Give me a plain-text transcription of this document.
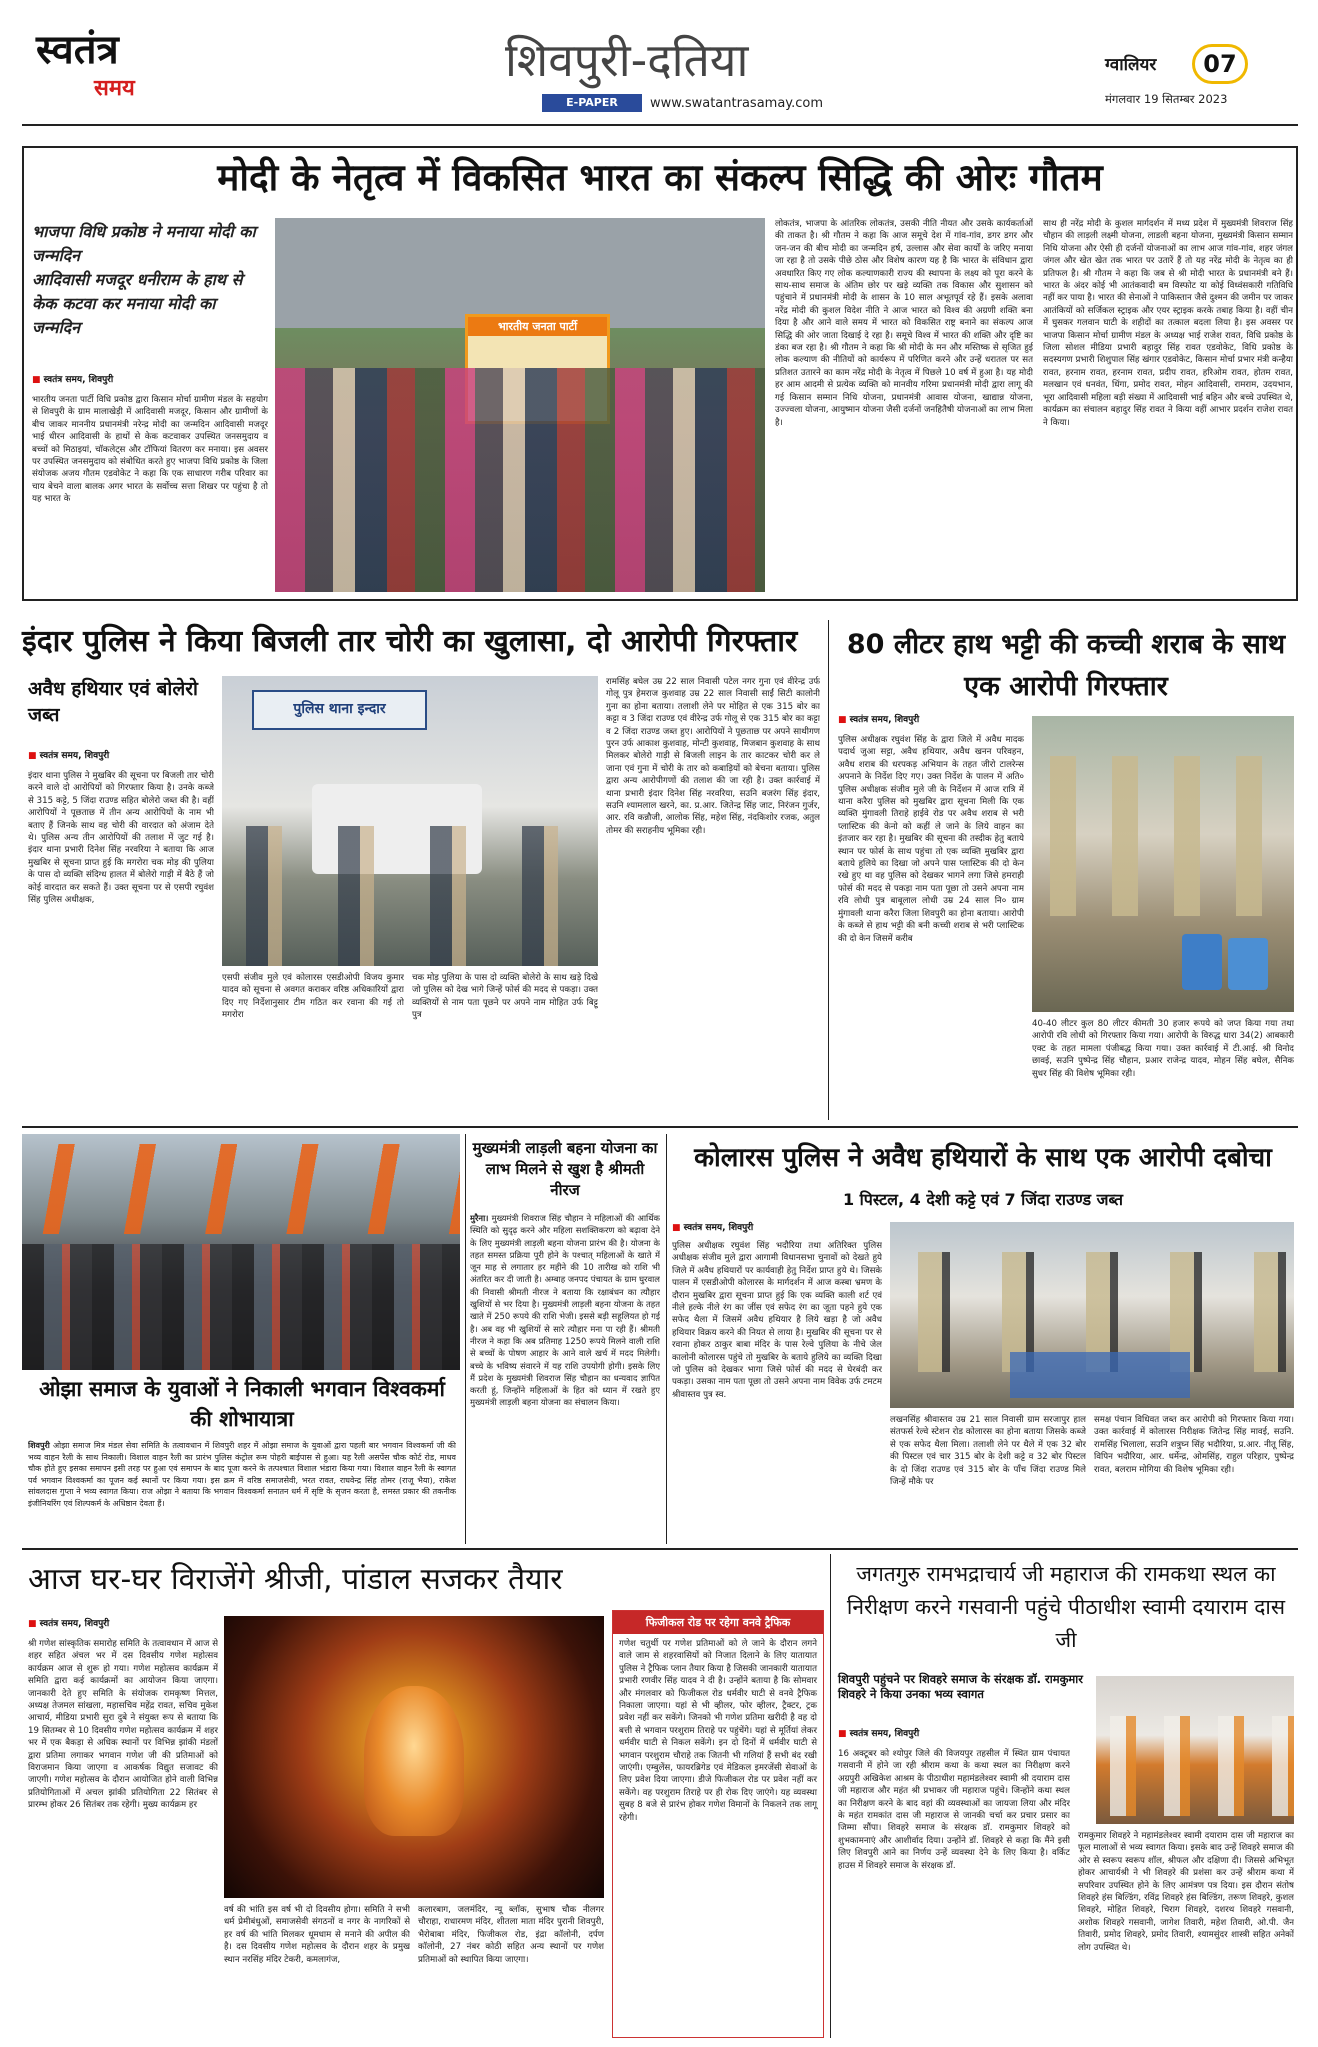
स्वतंत्र
समय
शिवपुरी-दतिया
E-PAPER	www.swatantrasamay.com
ग्वालियर	07
मंगलवार 19 सितम्बर 2023
मोदी के नेतृत्व में विकसित भारत का संकल्प सिद्धि की ओरः गौतम
भाजपा विधि प्रकोष्ठ ने मनाया मोदी का जन्मदिन
आदिवासी मजदूर धनीराम के हाथ से केक कटवा कर मनाया मोदी का जन्मदिन
■ स्वतंत्र समय, शिवपुरी
भारतीय जनता पार्टी विधि प्रकोष्ठ द्वारा किसान मोर्चा ग्रामीण मंडल के सहयोग से शिवपुरी के ग्राम मालाखेड़ी में आदिवासी मजदूर, किसान और ग्रामीणों के बीच जाकर माननीय प्रधानमंत्री नरेन्द्र मोदी का जन्मदिन आदिवासी मजदूर भाई धीरन आदिवासी के हाथों से केक कटवाकर उपस्थित जनसमुदाय व बच्चों को मिठाइयां, चॉकलेट्स और टॉफियां वितरण कर मनाया। इस अवसर पर उपस्थित जनसमुदाय को संबोधित करते हुए भाजपा विधि प्रकोष्ठ के जिला संयोजक अजय गौतम एडवोकेट ने कहा कि एक साधारण गरीब परिवार का चाय बेचने वाला बालक अगर भारत के सर्वोच्च सत्ता शिखर पर पहुंचा है तो यह भारत के
भारतीय जनता पार्टी
लोकतंत्र, भाजपा के आंतरिक लोकतंत्र, उसकी नीति नीयत और उसके कार्यकर्ताओं की ताकत है। श्री गौतम ने कहा कि आज समूचे देश में गांव-गांव, डगर डगर और जन-जन की बीच मोदी का जन्मदिन हर्ष, उल्लास और सेवा कार्यों के जरिए मनाया जा रहा है तो उसके पीछे ठोस और विशेष कारण यह है कि भारत के संविधान द्वारा अवधारित किए गए लोक कल्याणकारी राज्य की स्थापना के लक्ष्य को पूरा करने के साथ-साथ समाज के अंतिम छोर पर खड़े व्यक्ति तक विकास और सुशासन को पहुंचाने में प्रधानमंत्री मोदी के शासन के 10 साल अभूतपूर्व रहे हैं। इसके अलावा नरेंद्र मोदी की कुशल विदेश नीति ने आज भारत को विश्व की अग्रणी शक्ति बना दिया है और आने वाले समय में भारत को विकसित राष्ट्र बनाने का संकल्प आज सिद्धि की ओर जाता दिखाई दे रहा है। समूचे विश्व में भारत की शक्ति और दृष्टि का डंका बज रहा है। श्री गौतम ने कहा कि श्री मोदी के मन और मस्तिष्क से सृजित हुई लोक कल्याण की नीतियों को कार्यरूप में परिणित करने और उन्हें धरातल पर सत प्रतिशत उतारने का काम नरेंद्र मोदी के नेतृत्व में पिछले 10 वर्ष में हुआ है। यह मोदी हर आम आदमी से प्रत्येक व्यक्ति को मानवीय गरिमा प्रधानमंत्री मोदी द्वारा लागू की गई किसान सम्मान निधि योजना, प्रधानमंत्री आवास योजना, खाद्यान्न योजना, उज्ज्वला योजना, आयुष्मान योजना जैसी दर्जनों जनहितैषी योजनाओं का लाभ मिला है।
साथ ही नरेंद्र मोदी के कुशल मार्गदर्शन में मध्य प्रदेश में मुख्यमंत्री शिवराज सिंह चौहान की लाड़ली लक्ष्मी योजना, लाडली बहना योजना, मुख्यमंत्री किसान सम्मान निधि योजना और ऐसी ही दर्जनों योजनाओं का लाभ आज गांव-गांव, शहर जंगल जंगल और खेत खेत तक भारत पर उतारें हैं तो यह नरेंद्र मोदी के नेतृत्व का ही प्रतिफल है। श्री गौतम ने कहा कि जब से श्री मोदी भारत के प्रधानमंत्री बने हैं। भारत के अंदर कोई भी आतंकवादी बम विस्फोट या कोई विध्वंसकारी गतिविधि नहीं कर पाया है। भारत की सेनाओं ने पाकिस्तान जैसे दुश्मन की जमीन पर जाकर आतंकियों को सर्जिकल स्ट्राइक और एयर स्ट्राइक करके तबाह किया है। वहीं चीन में घुसकर गलवान घाटी के शहीदों का तत्काल बदला लिया है। इस अवसर पर भाजपा किसान मोर्चा ग्रामीण मंडल के अध्यक्ष भाई राजेश रावत, विधि प्रकोष्ठ के जिला सोशल मीडिया प्रभारी बहादुर सिंह रावत एडवोकेट, विधि प्रकोष्ठ के सदस्यगण प्रभारी शिशुपाल सिंह खंगार एडवोकेट, किसान मोर्चा प्रभार मंत्री कन्हैया रावत, हरनाम रावत, हरनाम रावत, प्रदीप रावत, हरिओम रावत, होतम रावत, मलखान एवं धनवंत, धिंगा, प्रमोद रावत, मोहन आदिवासी, रामराम, उदयभान, भूरा आदिवासी महिला बड़ी संख्या में आदिवासी भाई बहिन और बच्चे उपस्थित थे, कार्यक्रम का संचालन बहादुर सिंह रावत ने किया वहीं आभार प्रदर्शन राजेश रावत ने किया।
इंदार पुलिस ने किया बिजली तार चोरी का खुलासा, दो आरोपी गिरफ्तार
अवैध हथियार एवं बोलेरो जब्त
■ स्वतंत्र समय, शिवपुरी
इंदार थाना पुलिस ने मुखबिर की सूचना पर बिजली तार चोरी करने वाले दो आरोपियों को गिरफ्तार किया है। उनके कब्जे से 315 कट्टे, 5 जिंदा राउण्ड सहित बोलेरो जब्त की है। वहीं आरोपियों ने पूछताछ में तीन अन्य आरोपियों के नाम भी बताए हैं जिनके साथ वह चोरी की वारदात को अंजाम देते थे। पुलिस अन्य तीन आरोपियों की तलाश में जुट गई है। इंदार थाना प्रभारी दिनेश सिंह नरवरिया ने बताया कि आज मुखबिर से सूचना प्राप्त हुई कि मगरोरा चक मोड़ की पुलिया के पास दो व्यक्ति संदिग्ध हालत में बोलेरो गाड़ी में बैठे हैं जो कोई वारदात कर सकते हैं। उक्त सूचना पर से एसपी रघुवंश सिंह पुलिस अधीक्षक,
पुलिस थाना इन्दार
एसपी संजीव मुले एवं कोलारस एसडीओपी विजय कुमार यादव को सूचना से अवगत कराकर वरिष्ठ अधिकारियों द्वारा दिए गए निर्देशानुसार टीम गठित कर रवाना की गई तो मगरोरा
चक मोड़ पुलिया के पास दो व्यक्ति बोलेरो के साथ खड़े दिखे जो पुलिस को देख भागे जिन्हें फोर्स की मदद से पकड़ा। उक्त व्यक्तियों से नाम पता पूछने पर अपने नाम मोहित उर्फ बिट्टू पुत्र
रामसिंह बघेल उम्र 22 साल निवासी पटेल नगर गुना एवं वीरेन्द्र उर्फ गोलू पुत्र हेमराज कुशवाह उम्र 22 साल निवासी साईं सिटी कालोनी गुना का होना बताया। तलाशी लेने पर मोहित से एक 315 बोर का कट्टा व 3 जिंदा राउण्ड एवं वीरेन्द्र उर्फ गोलू से एक 315 बोर का कट्टा व 2 जिंदा राउण्ड जब्त हुए। आरोपियों ने पूछताछ पर अपने साथीगण पुरन उर्फ आकाश कुशवाह, मोन्टी कुशवाह, मिजबान कुशवाह के साथ मिलकर बोलेरो गाड़ी से बिजली लाइन के तार काटकर चोरी कर ले जाना एवं गुना में चोरी के तार को कबाड़ियों को बेचना बताया। पुलिस द्वारा अन्य आरोपीगणों की तलाश की जा रही है। उक्त कार्रवाई में थाना प्रभारी इंदार दिनेश सिंह नरवरिया, सउनि बजरंग सिंह इंदार, सउनि श्यामलाल खरने, का. प्र.आर. जितेन्द्र सिंह जाट, निरंजन गुर्जर, आर. रवि कन्नौजी, आलोक सिंह, महेश सिंह, नंदकिशोर रजक, अतुल तोमर की सराहनीय भूमिका रही।
80 लीटर हाथ भट्टी की कच्ची शराब के साथ एक आरोपी गिरफ्तार
■ स्वतंत्र समय, शिवपुरी
पुलिस अधीक्षक रघुवंश सिंह के द्वारा जिले में अवैध मादक पदार्थ जुआ सट्टा, अवैध हथियार, अवैध खनन परिवहन, अवैध शराब की धरपकड़ अभियान के तहत जीरो टालरेन्स अपनाने के निर्देश दिए गए। उक्त निर्देश के पालन में अति० पुलिस अधीक्षक संजीव मुले जी के निर्देशन में आज रात्रि में थाना करैरा पुलिस को मुखबिर द्वारा सूचना मिली कि एक व्यक्ति मुंगावली तिराहे हाईवे रोड पर अवैध शराब से भरी प्लास्टिक की केनो को कहीं ले जाने के लिये वाहन का इंतजार कर रहा है। मुखबिर की सूचना की तस्दीक हेतु बताये स्थान पर फोर्स के साथ पहुंचा तो एक व्यक्ति मुखबिर द्वारा बताये हुलिये का दिखा जो अपने पास प्लास्टिक की दो केन रखे हुए था वह पुलिस को देखकर भागने लगा जिसे हमराही फोर्स की मदद से पकड़ा नाम पता पूछा तो उसने अपना नाम रवि लोधी पुत्र बाबूलाल लोधी उम्र 24 साल नि० ग्राम मुंगावली थाना करैरा जिला शिवपुरी का होना बताया। आरोपी के कब्जे से हाथ भट्टी की बनी कच्ची शराब से भरी प्लास्टिक की दो केन जिसमें करीब
40-40 लीटर कुल 80 लीटर कीमती 30 हजार रूपये को जप्त किया गया तथा आरोपी रवि लोधी को गिरफ्तार किया गया। आरोपी के विरुद्ध धारा 34(2) आबकारी एक्ट के तहत मामला पंजीबद्ध किया गया। उक्त कार्रवाई में टी.आई. श्री विनोद छावई, सउनि पुष्पेन्द्र सिंह चौहान, प्रआर राजेन्द्र यादव, मोहन सिंह बघेल, सैनिक सुधर सिंह की विशेष भूमिका रही।
ओझा समाज के युवाओं ने निकाली भगवान विश्वकर्मा की शोभायात्रा
शिवपुरी ओझा समाज मित्र मंडल सेवा समिति के तत्वावधान में शिवपुरी शहर में ओझा समाज के युवाओं द्वारा पहली बार भगवान विश्वकर्मा जी की भव्य वाहन रैली के साथ निकाली। विशाल वाहन रैली का प्रारंभ पुलिस कंट्रोल रूम पोहरी बाईपास से हुआ। यह रैली असपेंस चौक कोर्ट रोड, माधव चौक होते हुए इसका समापन इसी तरह पर हुआ एवं समापन के बाद पूजा करने के तत्पश्चात विशाल भंडारा किया गया। विशाल वाहन रैली के स्वागत पर्व भगवान विश्वकर्मा का पूजन कई स्थानों पर किया गया। इस क्रम में वरिष्ठ समाजसेवी, भरत रावत, राघवेन्द्र सिंह तोमर (राजू भैया), राकेश सांवलदास गुप्ता ने भव्य स्वागत किया। राज ओझा ने बताया कि भगवान विश्वकर्मा सनातन धर्म में सृष्टि के सृजन करता है, समस्त प्रकार की तकनीक इंजीनियरिंग एवं शिल्पकर्म के अधिष्ठान देवता हैं।
मुख्यमंत्री लाड़ली बहना योजना का लाभ मिलने से खुश है श्रीमती नीरज
मुरैना। मुख्यमंत्री शिवराज सिंह चौहान ने महिलाओं की आर्थिक स्थिति को सुदृढ़ करने और महिला सशक्तिकरण को बढ़ावा देने के लिए मुख्यमंत्री लाड़ली बहना योजना प्रारंभ की है। योजना के तहत समस्त प्रक्रिया पूरी होने के पश्चात् महिलाओं के खाते में जून माह से लगातार हर महीने की 10 तारीख को राशि भी अंतरित कर दी जाती है। अम्बाह जनपद पंचायत के ग्राम घुरवाल की निवासी श्रीमती नीरज ने बताया कि रक्षाबंधन का त्यौहार खुशियों से भर दिया है। मुख्यमंत्री लाड़ली बहना योजना के तहत खाते में 250 रूपये की राशि भेजी। इससे बड़ी सहूलियत हो गई है। अब वह भी खुशियों से सारे त्यौहार मना पा रही हैं। श्रीमती नीरज ने कहा कि अब प्रतिमाह 1250 रूपये मिलने वाली राशि से बच्चों के पोषण आहार के आने वाले खर्च में मदद मिलेगी। बच्चे के भविष्य संवारने में यह राशि उपयोगी होगी। इसके लिए मैं प्रदेश के मुख्यमंत्री शिवराज सिंह चौहान का धन्यवाद ज्ञापित करती हूं, जिन्होंने महिलाओं के हित को ध्यान में रखते हुए मुख्यमंत्री लाड़ली बहना योजना का संचालन किया।
कोलारस पुलिस ने अवैध हथियारों के साथ एक आरोपी दबोचा
1 पिस्टल, 4 देशी कट्टे एवं 7 जिंदा राउण्ड जब्त
■ स्वतंत्र समय, शिवपुरी
पुलिस अधीक्षक रघुवंश सिंह भदौरिया तथा अतिरिक्त पुलिस अधीक्षक संजीव मुले द्वारा आगामी विधानसभा चुनावों को देखते हुये जिले में अवैध हथियारों पर कार्यवाही हेतु निर्देश प्राप्त हुये थे। जिसके पालन में एसडीओपी कोलारस के मार्गदर्शन में आज कस्बा भ्रमण के दौरान मुखबिर द्वारा सूचना प्राप्त हुई कि एक व्यक्ति काली शर्ट एवं नीले हल्के नीले रंग का जींस एवं सफेद रंग का जूता पहने हुये एक सफेद थैला में जिसमें अवैध हथियार है लिये खड़ा है जो अवैध हथियार विक्रय करने की नियत से लाया है। मुखबिर की सूचना पर से रवाना होकर ठाकुर बाबा मंदिर के पास रेल्वे पुलिया के नीचे जेल कालोनी कोलारस पहुंचे तो मुखबिर के बताये हुलिये का व्यक्ति दिखा जो पुलिस को देखकर भागा जिसे फोर्स की मदद से घेरबंदी कर पकड़ा। उसका नाम पता पूछा तो उसने अपना नाम विवेक उर्फ टमटम श्रीवास्तव पुत्र स्व.
लखनसिंह श्रीवास्तव उम्र 21 साल निवासी ग्राम सरजापुर हाल संतफर्स रेल्वे स्टेशन रोड कोलारस का होना बताया जिसके कब्जे से एक सफेद थैला मिला। तलाशी लेने पर थैले में एक 32 बोर की पिस्टल एवं चार 315 बोर के देशी कट्टे व 32 बोर पिस्टल के दो जिंदा राउण्ड एवं 315 बोर के पाँच जिंदा राउण्ड मिले जिन्हें मौके पर
समक्ष पंचान विधिवत जब्त कर आरोपी को गिरफ्तार किया गया। उक्त कार्रवाई में कोलारस निरीक्षक जितेन्द्र सिंह मावई, सउनि. रामसिंह भिलाला, सउनि शत्रुघ्न सिंह भदौरिया, प्र.आर. नीतू सिंह, विपिन भदौरिया, आर. धर्मेन्द्र, ओमसिंह, राहुल परिहार, पुष्पेन्द्र रावत, बलराम मोगिया की विशेष भूमिका रही।
आज घर-घर विराजेंगे श्रीजी, पांडाल सजकर तैयार
■ स्वतंत्र समय, शिवपुरी
श्री गणेश सांस्कृतिक समारोह समिति के तत्वावधान में आज से शहर सहित अंचल भर में दस दिवसीय गणेश महोत्सव कार्यक्रम आज से शुरू हो गया। गणेश महोत्सव कार्यक्रम में समिति द्वारा कई कार्यक्रमों का आयोजन किया जाएगा। जानकारी देते हुए समिति के संयोजक रामकृष्ण मित्तल, अध्यक्ष तेजमल सांखला, महासचिव महेंद्र रावत, सचिव मुकेश आचार्य, मीडिया प्रभारी सुरा दुबे ने संयुक्त रूप से बताया कि 19 सितम्बर से 10 दिवसीय गणेश महोत्सव कार्यक्रम में शहर भर में एक बैकड़ा से अधिक स्थानों पर विभिन्न झांकी मंडलों द्वारा प्रतिमा लगाकर भगवान गणेश जी की प्रतिमाओं को विराजमान किया जाएगा व आकर्षक विद्युत सजावट की जाएगी। गणेश महोत्सव के दौरान आयोजित होने वाली विभिन्न प्रतियोगिताओं में अचल झांकी प्रतियोगिता 22 सितंबर से प्रारम्भ होकर 26 सितंबर तक रहेगी। मुख्य कार्यक्रम हर
वर्ष की भांति इस वर्ष भी दो दिवसीय होगा। समिति ने सभी धर्म प्रेमीबंधुओं, समाजसेवी संगठनों व नगर के नागरिकों से हर वर्ष की भांति मिलकर धूमधाम से मनाने की अपील की है। दस दिवसीय गणेश महोत्सव के दौरान शहर के प्रमुख स्थान नरसिंह मंदिर टेकरी, कमलागंज,
कलारबाग, जलमंदिर, न्यू ब्लॉक, सुभाष चौक नीलगर चौराहा, राधारमण मंदिर, शीतला माता मंदिर पुरानी शिवपुरी, भैरोबाबा मंदिर, फिजीकल रोड, इंद्रा कॉलोनी, दर्पण कॉलोनी, 27 नंबर कोठी सहित अन्य स्थानों पर गणेश प्रतिमाओं को स्थापित किया जाएगा।
फिजीकल रोड पर रहेगा वनवे ट्रैफिक
गणेश चतुर्थी पर गणेश प्रतिमाओं को ले जाने के दौरान लगने वाले जाम से शहरवासियों को निजात दिलाने के लिए यातायात पुलिस ने ट्रैफिक प्लान तैयार किया है जिसकी जानकारी यातायात प्रभारी रणवीर सिंह यादव ने दी है। उन्होंने बताया है कि सोमवार और मंगलवार को फिजीकल रोड धर्मवीर घाटी से वनवे ट्रैफिक निकाला जाएगा। यहां से भी व्हीलर, फोर व्हीलर, ट्रैक्टर, ट्रक प्रवेश नहीं कर सकेंगे। जिनको भी गणेश प्रतिमा खरीदी है वह दो बत्ती से भगवान परशुराम तिराहे पर पहुंचेंगे। यहां से मूर्तियां लेकर धर्मवीर घाटी से निकल सकेंगे। इन दो दिनों में धर्मवीर घाटी से भगवान परशुराम चौराहे तक जितनी भी गलियां हैं सभी बंद रखी जाएंगी। एम्बुलेंस, फायरब्रिगेड एवं मेडिकल इमरजेंसी सेवाओं के लिए प्रवेश दिया जाएगा। डीजे फिजीकल रोड पर प्रवेश नहीं कर सकेंगे। वह परशुराम तिराहे पर ही रोक दिए जाएंगे। यह व्यवस्था सुबह 8 बजे से प्रारंभ होकर गणेश विमानों के निकलने तक लागू रहेगी।
जगतगुरु रामभद्राचार्य जी महाराज की रामकथा स्थल का निरीक्षण करने गसवानी पहुंचे पीठाधीश स्वामी दयाराम दास जी
शिवपुरी पहुंचने पर शिवहरे समाज के संरक्षक डॉ. रामकुमार शिवहरे ने किया उनका भव्य स्वागत
■ स्वतंत्र समय, शिवपुरी
16 अक्टूबर को श्योपुर जिले की विजयपुर तहसील में स्थित ग्राम पंचायत गसवानी में होने जा रही श्रीराम कथा के कथा स्थल का निरीक्षण करने अग्रपुरी अखिकेश आश्रम के पीठाधीश महामंडलेश्वर स्वामी श्री दयाराम दास जी महाराज और महंत श्री प्रभाकर जी महाराज पहुंचे। जिन्होंने कथा स्थल का निरीक्षण करने के बाद वहां की व्यवस्थाओं का जायजा लिया और मंदिर के महंत रामकांत दास जी महाराज से जानकी चर्चा कर प्रचार प्रसार का जिम्मा सौंपा। शिवहरे समाज के संरक्षक डॉ. रामकुमार शिवहरे को शुभकामनाएं और आशीर्वाद दिया। उन्होंने डॉ. शिवहरे से कहा कि मैंने इसी लिए शिवपुरी आने का निर्णय उन्हें व्यवस्था देने के लिए किया है। वर्किट हाउस में शिवहरे समाज के संरक्षक डॉ.
रामकुमार शिवहरे ने महामंडलेश्वर स्वामी दयाराम दास जी महाराज का फूल मालाओं से भव्य स्वागत किया। इसके बाद उन्हें शिवहरे समाज की ओर से स्वरूप स्वरूप शॉल, श्रीफल और दक्षिणा दी। जिससे अभिभूत होकर आचार्यश्री ने भी शिवहरे की प्रशंसा कर उन्हें श्रीराम कथा में सपरिवार उपस्थित होने के लिए आमंत्रण पत्र दिया। इस दौरान संतोष शिवहरे हंस बिल्डिंग, रविंद्र शिवहरे हंस बिल्डिंग, तरूण शिवहरे, कुशल शिवहरे, मोहित शिवहरे, चिराग शिवहरे, दशरथ शिवहरे गसवानी, अशोक शिवहरे गसवानी, जागेश तिवारी, महेश तिवारी, ओ.पी. जैन तिवारी, प्रमोद शिवहरे, प्रमोद तिवारी, श्यामसुंदर शास्त्री सहित अनेकों लोग उपस्थित थे।
